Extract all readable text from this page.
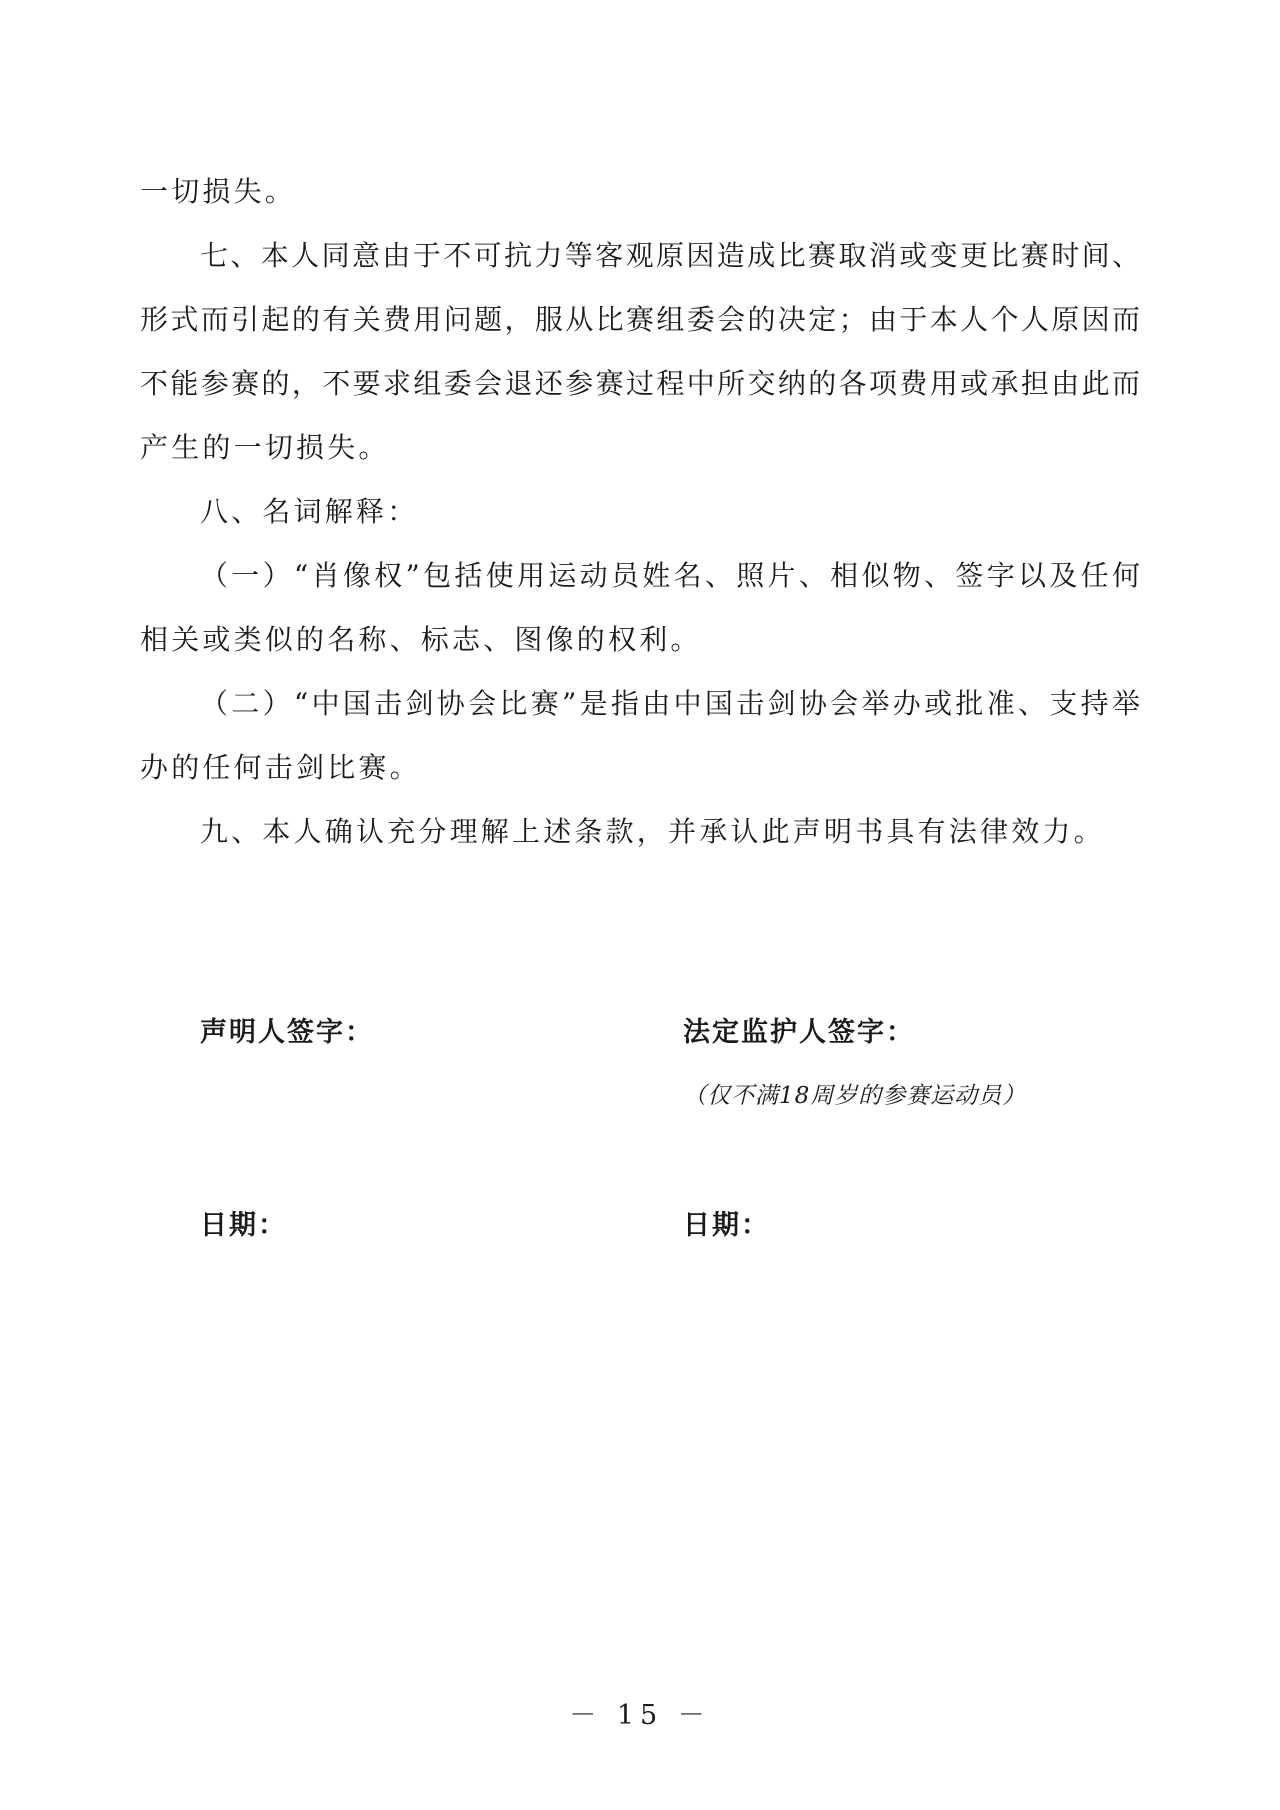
一切损失。
七、本人同意由于不可抗力等客观原因造成比赛取消或变更比赛时间、
形式而引起的有关费用问题，服从比赛组委会的决定；由于本人个人原因而
不能参赛的，不要求组委会退还参赛过程中所交纳的各项费用或承担由此而
产生的一切损失。
八、名词解释：
（一）“肖像权”包括使用运动员姓名、照片、相似物、签字以及任何
相关或类似的名称、标志、图像的权利。
（二）“中国击剑协会比赛”是指由中国击剑协会举办或批准、支持举
办的任何击剑比赛。
九、本人确认充分理解上述条款，并承认此声明书具有法律效力。
声明人签字：	法定监护人签字：
（仅不满18周岁的参赛运动员）
日期：	日期：
－ 15 －
